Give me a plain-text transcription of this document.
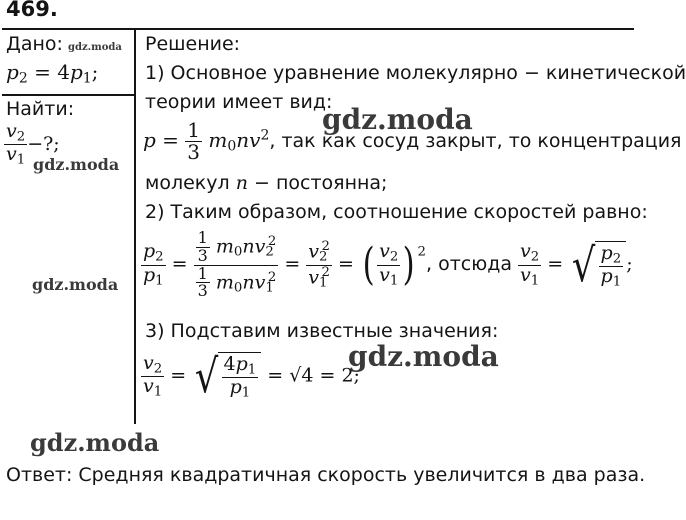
469.
Дано: gdz.moda
$p_2 = 4p_1$;
Найти:
$\frac{v_2}{v_1}$ −?;
gdz.moda
gdz.moda
Решение:
1) Основное уравнение молекулярно − кинетической
теории имеет вид:
gdz.moda
$p = \frac{1}{3} m_0nv^2$, так как сосуд закрыт, то концентрация
молекул n − постоянна;
2) Таким образом, соотношение скоростей равно:
$\frac{p_2}{p_1} = \frac{\frac{1}{3} m_0nv_2^2}{\frac{1}{3} m_0nv_1^2} = \frac{v_2^2}{v_1^2}$ = ( $\frac{v_2}{v_1}$ ) $^2$, отсюда $\frac{v_2}{v_1}$ = √ $\frac{p_2}{p_1}$ ;
3) Подставим известные значения:
gdz.moda
$\frac{v_2}{v_1}$ = √ $\frac{4p_1}{p_1} = √4 = 2$;
gdz.moda
Ответ: Средняя квадратичная скорость увеличится в два раза.
